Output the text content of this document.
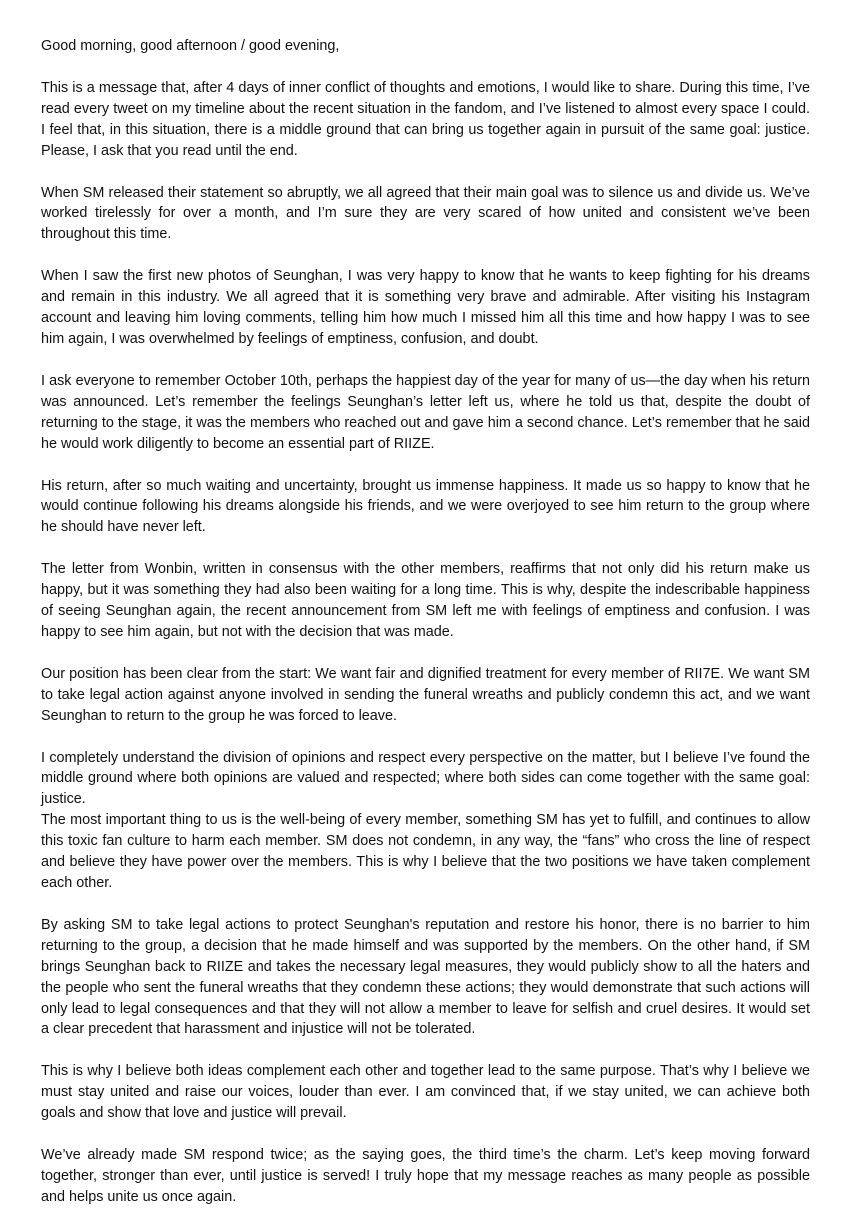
Good morning, good afternoon / good evening,

This is a message that, after 4 days of inner conflict of thoughts and emotions, I would like to share. During this time, I’ve read every tweet on my timeline about the recent situation in the fandom, and I’ve listened to almost every space I could. I feel that, in this situation, there is a middle ground that can bring us together again in pursuit of the same goal: justice. Please, I ask that you read until the end.

When SM released their statement so abruptly, we all agreed that their main goal was to silence us and divide us. We’ve worked tirelessly for over a month, and I’m sure they are very scared of how united and consistent we’ve been throughout this time.

When I saw the first new photos of Seunghan, I was very happy to know that he wants to keep fighting for his dreams and remain in this industry. We all agreed that it is something very brave and admirable. After visiting his Instagram account and leaving him loving comments, telling him how much I missed him all this time and how happy I was to see him again, I was overwhelmed by feelings of emptiness, confusion, and doubt.

I ask everyone to remember October 10th, perhaps the happiest day of the year for many of us—the day when his return was announced. Let’s remember the feelings Seunghan’s letter left us, where he told us that, despite the doubt of returning to the stage, it was the members who reached out and gave him a second chance. Let’s remember that he said he would work diligently to become an essential part of RIIZE.

His return, after so much waiting and uncertainty, brought us immense happiness. It made us so happy to know that he would continue following his dreams alongside his friends, and we were overjoyed to see him return to the group where he should have never left.

The letter from Wonbin, written in consensus with the other members, reaffirms that not only did his return make us happy, but it was something they had also been waiting for a long time. This is why, despite the indescribable happiness of seeing Seunghan again, the recent announcement from SM left me with feelings of emptiness and confusion. I was happy to see him again, but not with the decision that was made.

Our position has been clear from the start: We want fair and dignified treatment for every member of RII7E. We want SM to take legal action against anyone involved in sending the funeral wreaths and publicly condemn this act, and we want Seunghan to return to the group he was forced to leave.

I completely understand the division of opinions and respect every perspective on the matter, but I believe I’ve found the middle ground where both opinions are valued and respected; where both sides can come together with the same goal: justice.

The most important thing to us is the well-being of every member, something SM has yet to fulfill, and continues to allow this toxic fan culture to harm each member. SM does not condemn, in any way, the “fans” who cross the line of respect and believe they have power over the members. This is why I believe that the two positions we have taken complement each other.

By asking SM to take legal actions to protect Seunghan's reputation and restore his honor, there is no barrier to him returning to the group, a decision that he made himself and was supported by the members. On the other hand, if SM brings Seunghan back to RIIZE and takes the necessary legal measures, they would publicly show to all the haters and the people who sent the funeral wreaths that they condemn these actions; they would demonstrate that such actions will only lead to legal consequences and that they will not allow a member to leave for selfish and cruel desires. It would set a clear precedent that harassment and injustice will not be tolerated.

This is why I believe both ideas complement each other and together lead to the same purpose. That’s why I believe we must stay united and raise our voices, louder than ever. I am convinced that, if we stay united, we can achieve both goals and show that love and justice will prevail.

We’ve already made SM respond twice; as the saying goes, the third time’s the charm. Let’s keep moving forward together, stronger than ever, until justice is served! I truly hope that my message reaches as many people as possible and helps unite us once again.
